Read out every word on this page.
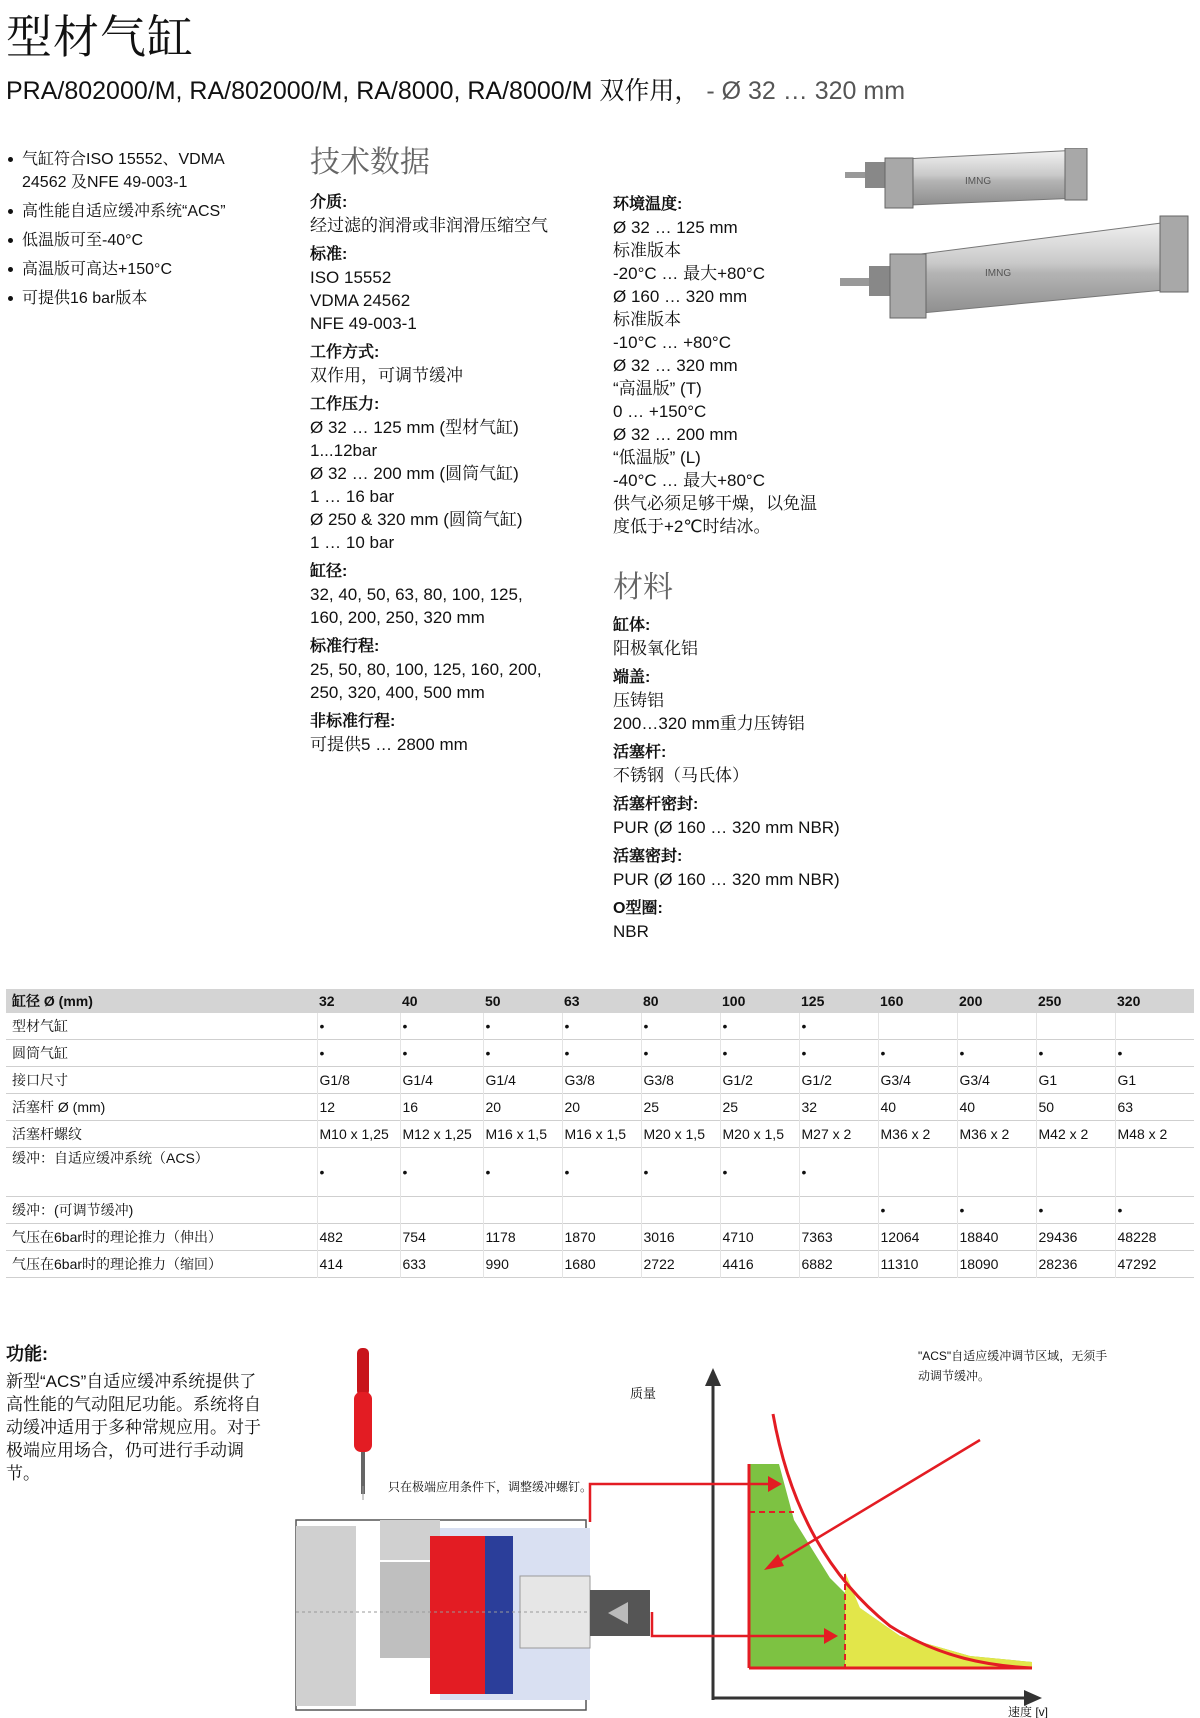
型材气缸
PRA/802000/M, RA/802000/M, RA/8000, RA/8000/M 双作用， - Ø 32 … 320 mm
气缸符合ISO 15552、VDMA 24562 及NFE 49-003-1
高性能自适应缓冲系统“ACS”
低温版可至-40°C
高温版可高达+150°C
可提供16 bar版本
技术数据
介质:
经过滤的润滑或非润滑压缩空气
标准:
ISO 15552
VDMA 24562
NFE 49-003-1
工作方式:
双作用，可调节缓冲
工作压力:
Ø 32 … 125 mm (型材气缸)
1...12bar
Ø 32 … 200 mm (圆筒气缸)
1 … 16 bar
Ø 250 & 320 mm (圆筒气缸)
1 … 10 bar
缸径:
32, 40, 50, 63, 80, 100, 125,
160, 200, 250, 320 mm
标准行程:
25, 50, 80, 100, 125, 160, 200,
250, 320, 400, 500 mm
非标准行程:
可提供5 … 2800 mm
环境温度:
Ø 32 … 125 mm
标准版本
-20°C … 最大+80°C
Ø 160 … 320 mm
标准版本
-10°C … +80°C
Ø 32 … 320 mm
“高温版” (T)
0 … +150°C
Ø 32 … 200 mm
“低温版” (L)
-40°C … 最大+80°C
供气必须足够干燥，以免温
度低于+2℃时结冰。
材料
缸体:
阳极氧化铝
端盖:
压铸铝
200…320 mm重力压铸铝
活塞杆:
不锈钢（马氏体）
活塞杆密封:
PUR (Ø 160 … 320 mm NBR)
活塞密封:
PUR (Ø 160 … 320 mm NBR)
O型圈:
NBR
IMNG
IMNG
缸径 Ø (mm)	32	40	50	63	80	100	125	160	200	250	320
型材气缸	•	•	•	•	•	•	•				
圆筒气缸	•	•	•	•	•	•	•	•	•	•	•
接口尺寸	G1/8	G1/4	G1/4	G3/8	G3/8	G1/2	G1/2	G3/4	G3/4	G1	G1
活塞杆 Ø (mm)	12	16	20	20	25	25	32	40	40	50	63
活塞杆螺纹	M10 x 1,25	M12 x 1,25	M16 x 1,5	M16 x 1,5	M20 x 1,5	M20 x 1,5	M27 x 2	M36 x 2	M36 x 2	M42 x 2	M48 x 2
缓冲：自适应缓冲系统（ACS）	•	•	•	•	•	•	•				
缓冲：(可调节缓冲)								•	•	•	•
气压在6bar时的理论推力（伸出）	482	754	1178	1870	3016	4710	7363	12064	18840	29436	48228
气压在6bar时的理论推力（缩回）	414	633	990	1680	2722	4416	6882	11310	18090	28236	47292
功能:
新型“ACS”自适应缓冲系统提供了高性能的气动阻尼功能。系统将自动缓冲适用于多种常规应用。对于极端应用场合，仍可进行手动调节。
只在极端应用条件下，调整缓冲螺钉。
质量
速度 [v]
"ACS"自适应缓冲调节区域，无须手
动调节缓冲。
